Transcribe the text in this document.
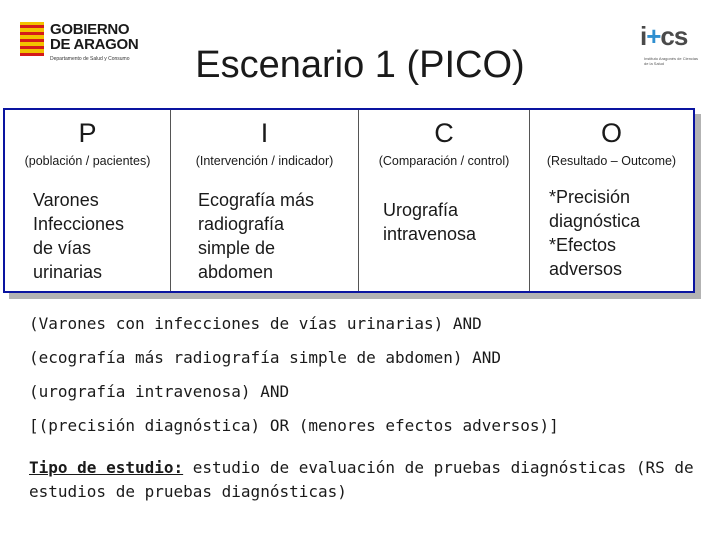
GOBIERNO
DE ARAGON
Departamento de Salud y Consumo
i+cs
Instituto Aragonés de Ciencias de la Salud
Escenario 1 (PICO)
P
(población / pacientes)
Varones
Infecciones
de vías
urinarias
I
(Intervención / indicador)
Ecografía más
radiografía
simple de
abdomen
C
(Comparación / control)
Urografía
intravenosa
O
(Resultado – Outcome)
*Precisión
diagnóstica
*Efectos
adversos
(Varones con infecciones de vías urinarias) AND
(ecografía más radiografía simple de abdomen) AND
(urografía intravenosa) AND
[(precisión diagnóstica) OR (menores efectos adversos)]
Tipo de estudio: estudio de evaluación de pruebas diagnósticas (RS de estudios de pruebas diagnósticas)
